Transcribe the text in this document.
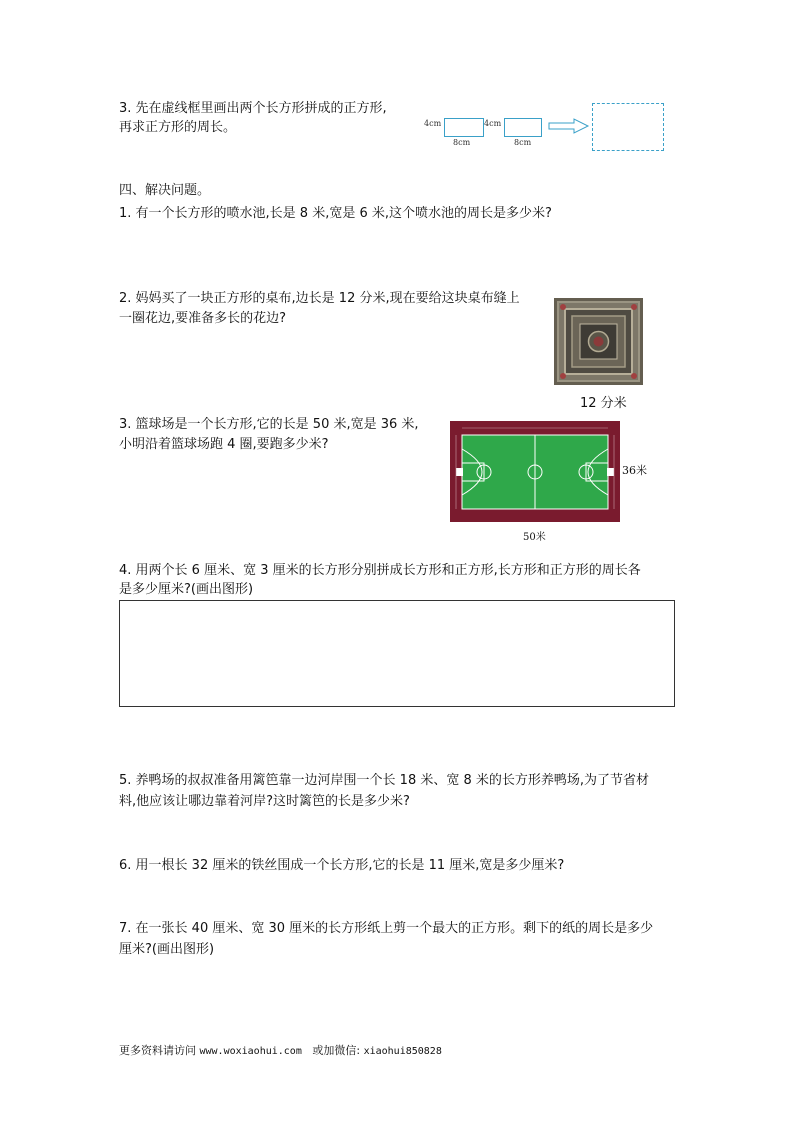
3. 先在虚线框里画出两个长方形拼成的正方形,
再求正方形的周长。	4cm
8cm
4cm
8cm
四、解决问题。
1. 有一个长方形的喷水池,长是 8 米,宽是 6 米,这个喷水池的周长是多少米?
2. 妈妈买了一块正方形的桌布,边长是 12 分米,现在要给这块桌布缝上
一圈花边,要准备多长的花边?
12 分米
3. 篮球场是一个长方形,它的长是 50 米,宽是 36 米,
小明沿着篮球场跑 4 圈,要跑多少米?
36米
50米
4. 用两个长 6 厘米、宽 3 厘米的长方形分别拼成长方形和正方形,长方形和正方形的周长各
是多少厘米?(画出图形)
5. 养鸭场的叔叔准备用篱笆靠一边河岸围一个长 18 米、宽 8 米的长方形养鸭场,为了节省材
料,他应该让哪边靠着河岸?这时篱笆的长是多少米?
6. 用一根长 32 厘米的铁丝围成一个长方形,它的长是 11 厘米,宽是多少厘米?
7. 在一张长 40 厘米、宽 30 厘米的长方形纸上剪一个最大的正方形。剩下的纸的周长是多少
厘米?(画出图形)
更多资料请访问 www.woxiaohui.com 或加微信: xiaohui850828
